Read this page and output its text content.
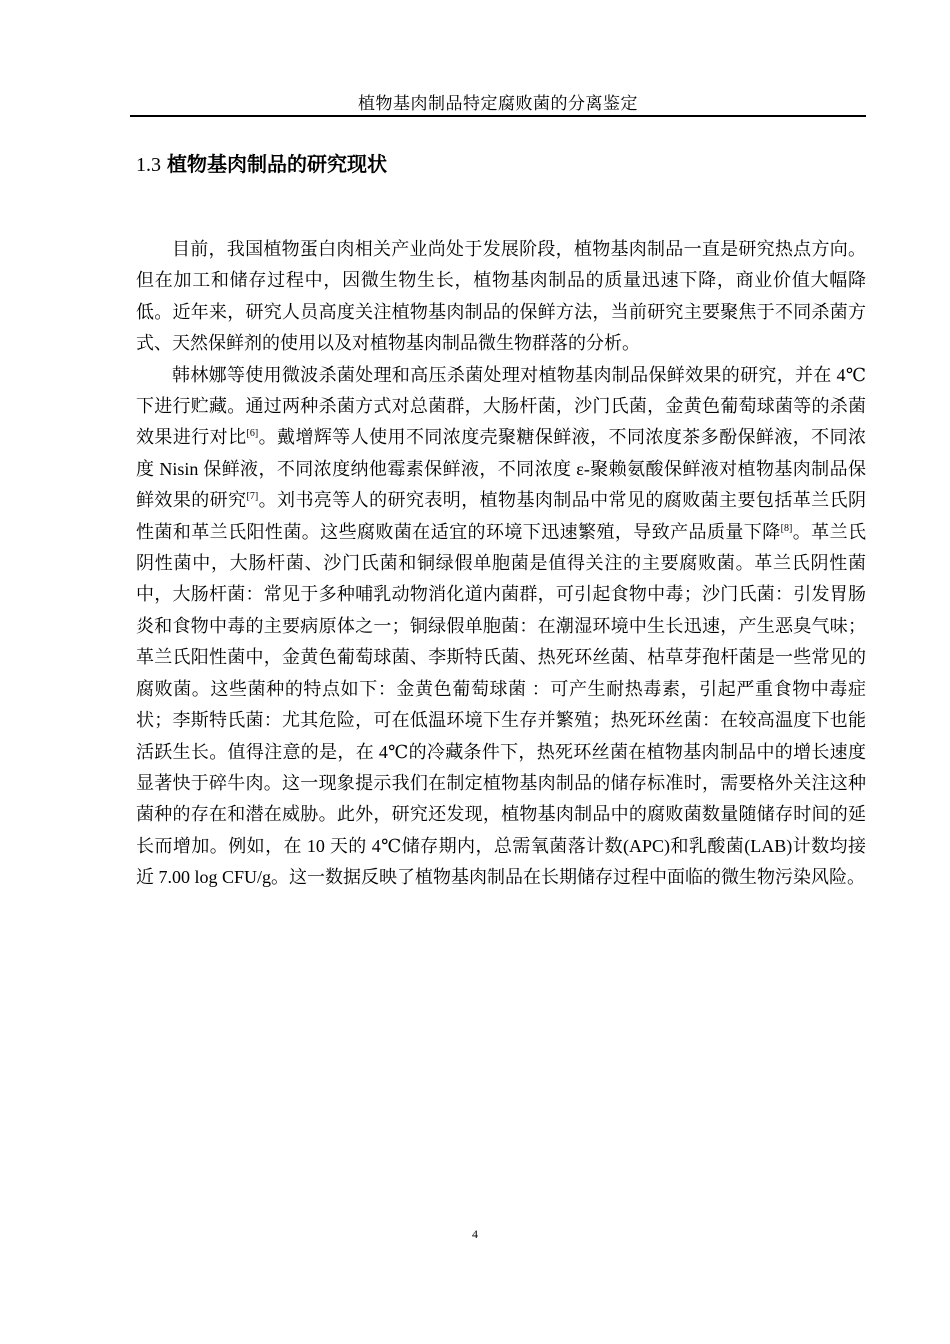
植物基肉制品特定腐败菌的分离鉴定
1.3 植物基肉制品的研究现状

目前，我国植物蛋白肉相关产业尚处于发展阶段，植物基肉制品一直是研究热点方向。但在加工和储存过程中，因微生物生长，植物基肉制品的质量迅速下降，商业价值大幅降低。近年来，研究人员高度关注植物基肉制品的保鲜方法，当前研究主要聚焦于不同杀菌方式、天然保鲜剂的使用以及对植物基肉制品微生物群落的分析。

韩林娜等使用微波杀菌处理和高压杀菌处理对植物基肉制品保鲜效果的研究，并在 4℃下进行贮藏。通过两种杀菌方式对总菌群，大肠杆菌，沙门氏菌，金黄色葡萄球菌等的杀菌效果进行对比[6]。戴增辉等人使用不同浓度壳聚糖保鲜液，不同浓度茶多酚保鲜液，不同浓度 Nisin 保鲜液，不同浓度纳他霉素保鲜液，不同浓度 ε-聚赖氨酸保鲜液对植物基肉制品保鲜效果的研究[7]。刘书亮等人的研究表明，植物基肉制品中常见的腐败菌主要包括革兰氏阴性菌和革兰氏阳性菌。这些腐败菌在适宜的环境下迅速繁殖，导致产品质量下降[8]。革兰氏阴性菌中，大肠杆菌、沙门氏菌和铜绿假单胞菌是值得关注的主要腐败菌。革兰氏阴性菌中，大肠杆菌：常见于多种哺乳动物消化道内菌群，可引起食物中毒；沙门氏菌：引发胃肠炎和食物中毒的主要病原体之一；铜绿假单胞菌：在潮湿环境中生长迅速，产生恶臭气味；革兰氏阳性菌中，金黄色葡萄球菌、李斯特氏菌、热死环丝菌、枯草芽孢杆菌是一些常见的腐败菌。这些菌种的特点如下：金黄色葡萄球菌 ：可产生耐热毒素，引起严重食物中毒症状；李斯特氏菌：尤其危险，可在低温环境下生存并繁殖；热死环丝菌：在较高温度下也能活跃生长。值得注意的是，在 4℃的冷藏条件下，热死环丝菌在植物基肉制品中的增长速度显著快于碎牛肉。这一现象提示我们在制定植物基肉制品的储存标准时，需要格外关注这种菌种的存在和潜在威胁。此外，研究还发现，植物基肉制品中的腐败菌数量随储存时间的延长而增加。例如，在 10 天的 4℃储存期内，总需氧菌落计数(APC)和乳酸菌(LAB)计数均接近 7.00 log CFU/g。这一数据反映了植物基肉制品在长期储存过程中面临的微生物污染风险。

4
